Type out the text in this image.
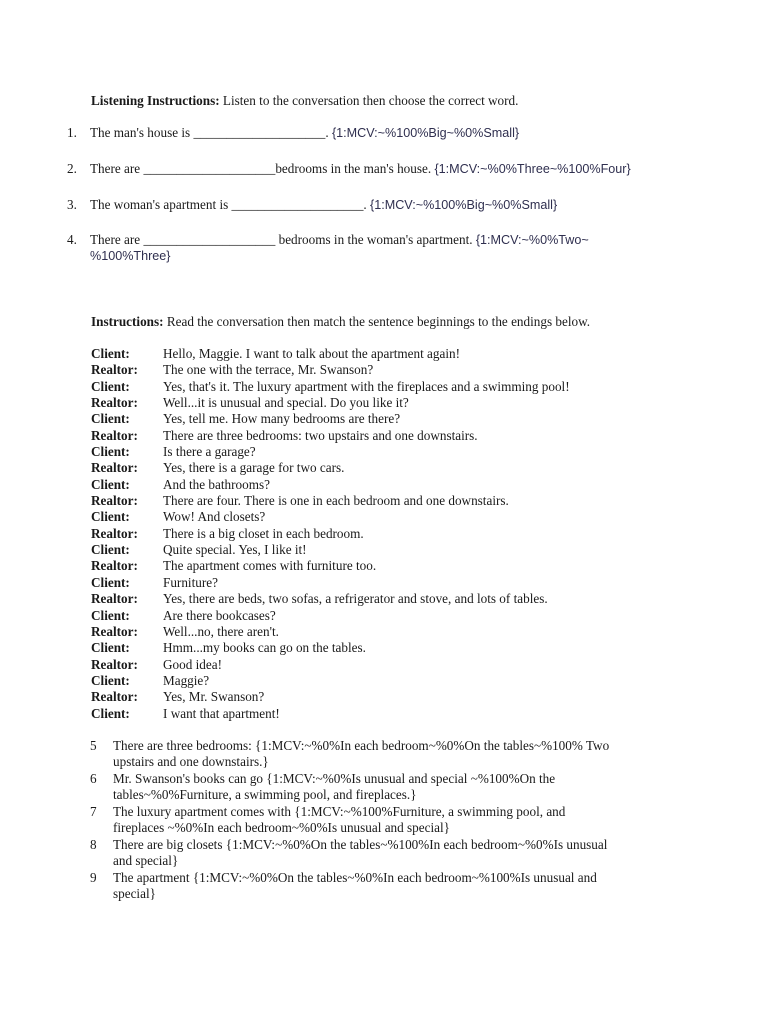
Listening Instructions: Listen to the conversation then choose the correct word.

1. The man's house is ____________________. {1:MCV:~%100%Big~%0%Small}
2. There are ____________________bedrooms in the man's house. {1:MCV:~%0%Three~%100%Four}
3. The woman's apartment is ____________________. {1:MCV:~%100%Big~%0%Small}
4. There are ____________________ bedrooms in the woman's apartment. {1:MCV:~%0%Two~ %100%Three}

Instructions: Read the conversation then match the sentence beginnings to the endings below.

Client:	Hello, Maggie. I want to talk about the apartment again!
Realtor: The one with the terrace, Mr. Swanson?
Client:	Yes, that's it. The luxury apartment with the fireplaces and a swimming pool!
Realtor: Well...it is unusual and special. Do you like it?
Client:	Yes, tell me. How many bedrooms are there?
Realtor: There are three bedrooms: two upstairs and one downstairs.
Client:	Is there a garage?
Realtor: Yes, there is a garage for two cars.
Client:	And the bathrooms?
Realtor: There are four. There is one in each bedroom and one downstairs.
Client:	Wow! And closets?
Realtor: There is a big closet in each bedroom.
Client:	Quite special. Yes, I like it!
Realtor: The apartment comes with furniture too.
Client:	Furniture?
Realtor: Yes, there are beds, two sofas, a refrigerator and stove, and lots of tables.
Client:	Are there bookcases?
Realtor: Well...no, there aren't.
Client:	Hmm...my books can go on the tables.
Realtor: Good idea!
Client:	Maggie?
Realtor: Yes, Mr. Swanson?
Client:	I want that apartment!
5 There are three bedrooms: {1:MCV:~%0%In each bedroom~%0%On the tables~%100% Two upstairs and one downstairs.}
6 Mr. Swanson's books can go {1:MCV:~%0%Is unusual and special ~%100%On the tables~%0%Furniture, a swimming pool, and fireplaces.}
7 The luxury apartment comes with {1:MCV:~%100%Furniture, a swimming pool, and fireplaces ~%0%In each bedroom~%0%Is unusual and special}
8 There are big closets {1:MCV:~%0%On the tables~%100%In each bedroom~%0%Is unusual and special}
9 The apartment {1:MCV:~%0%On the tables~%0%In each bedroom~%100%Is unusual and special}
